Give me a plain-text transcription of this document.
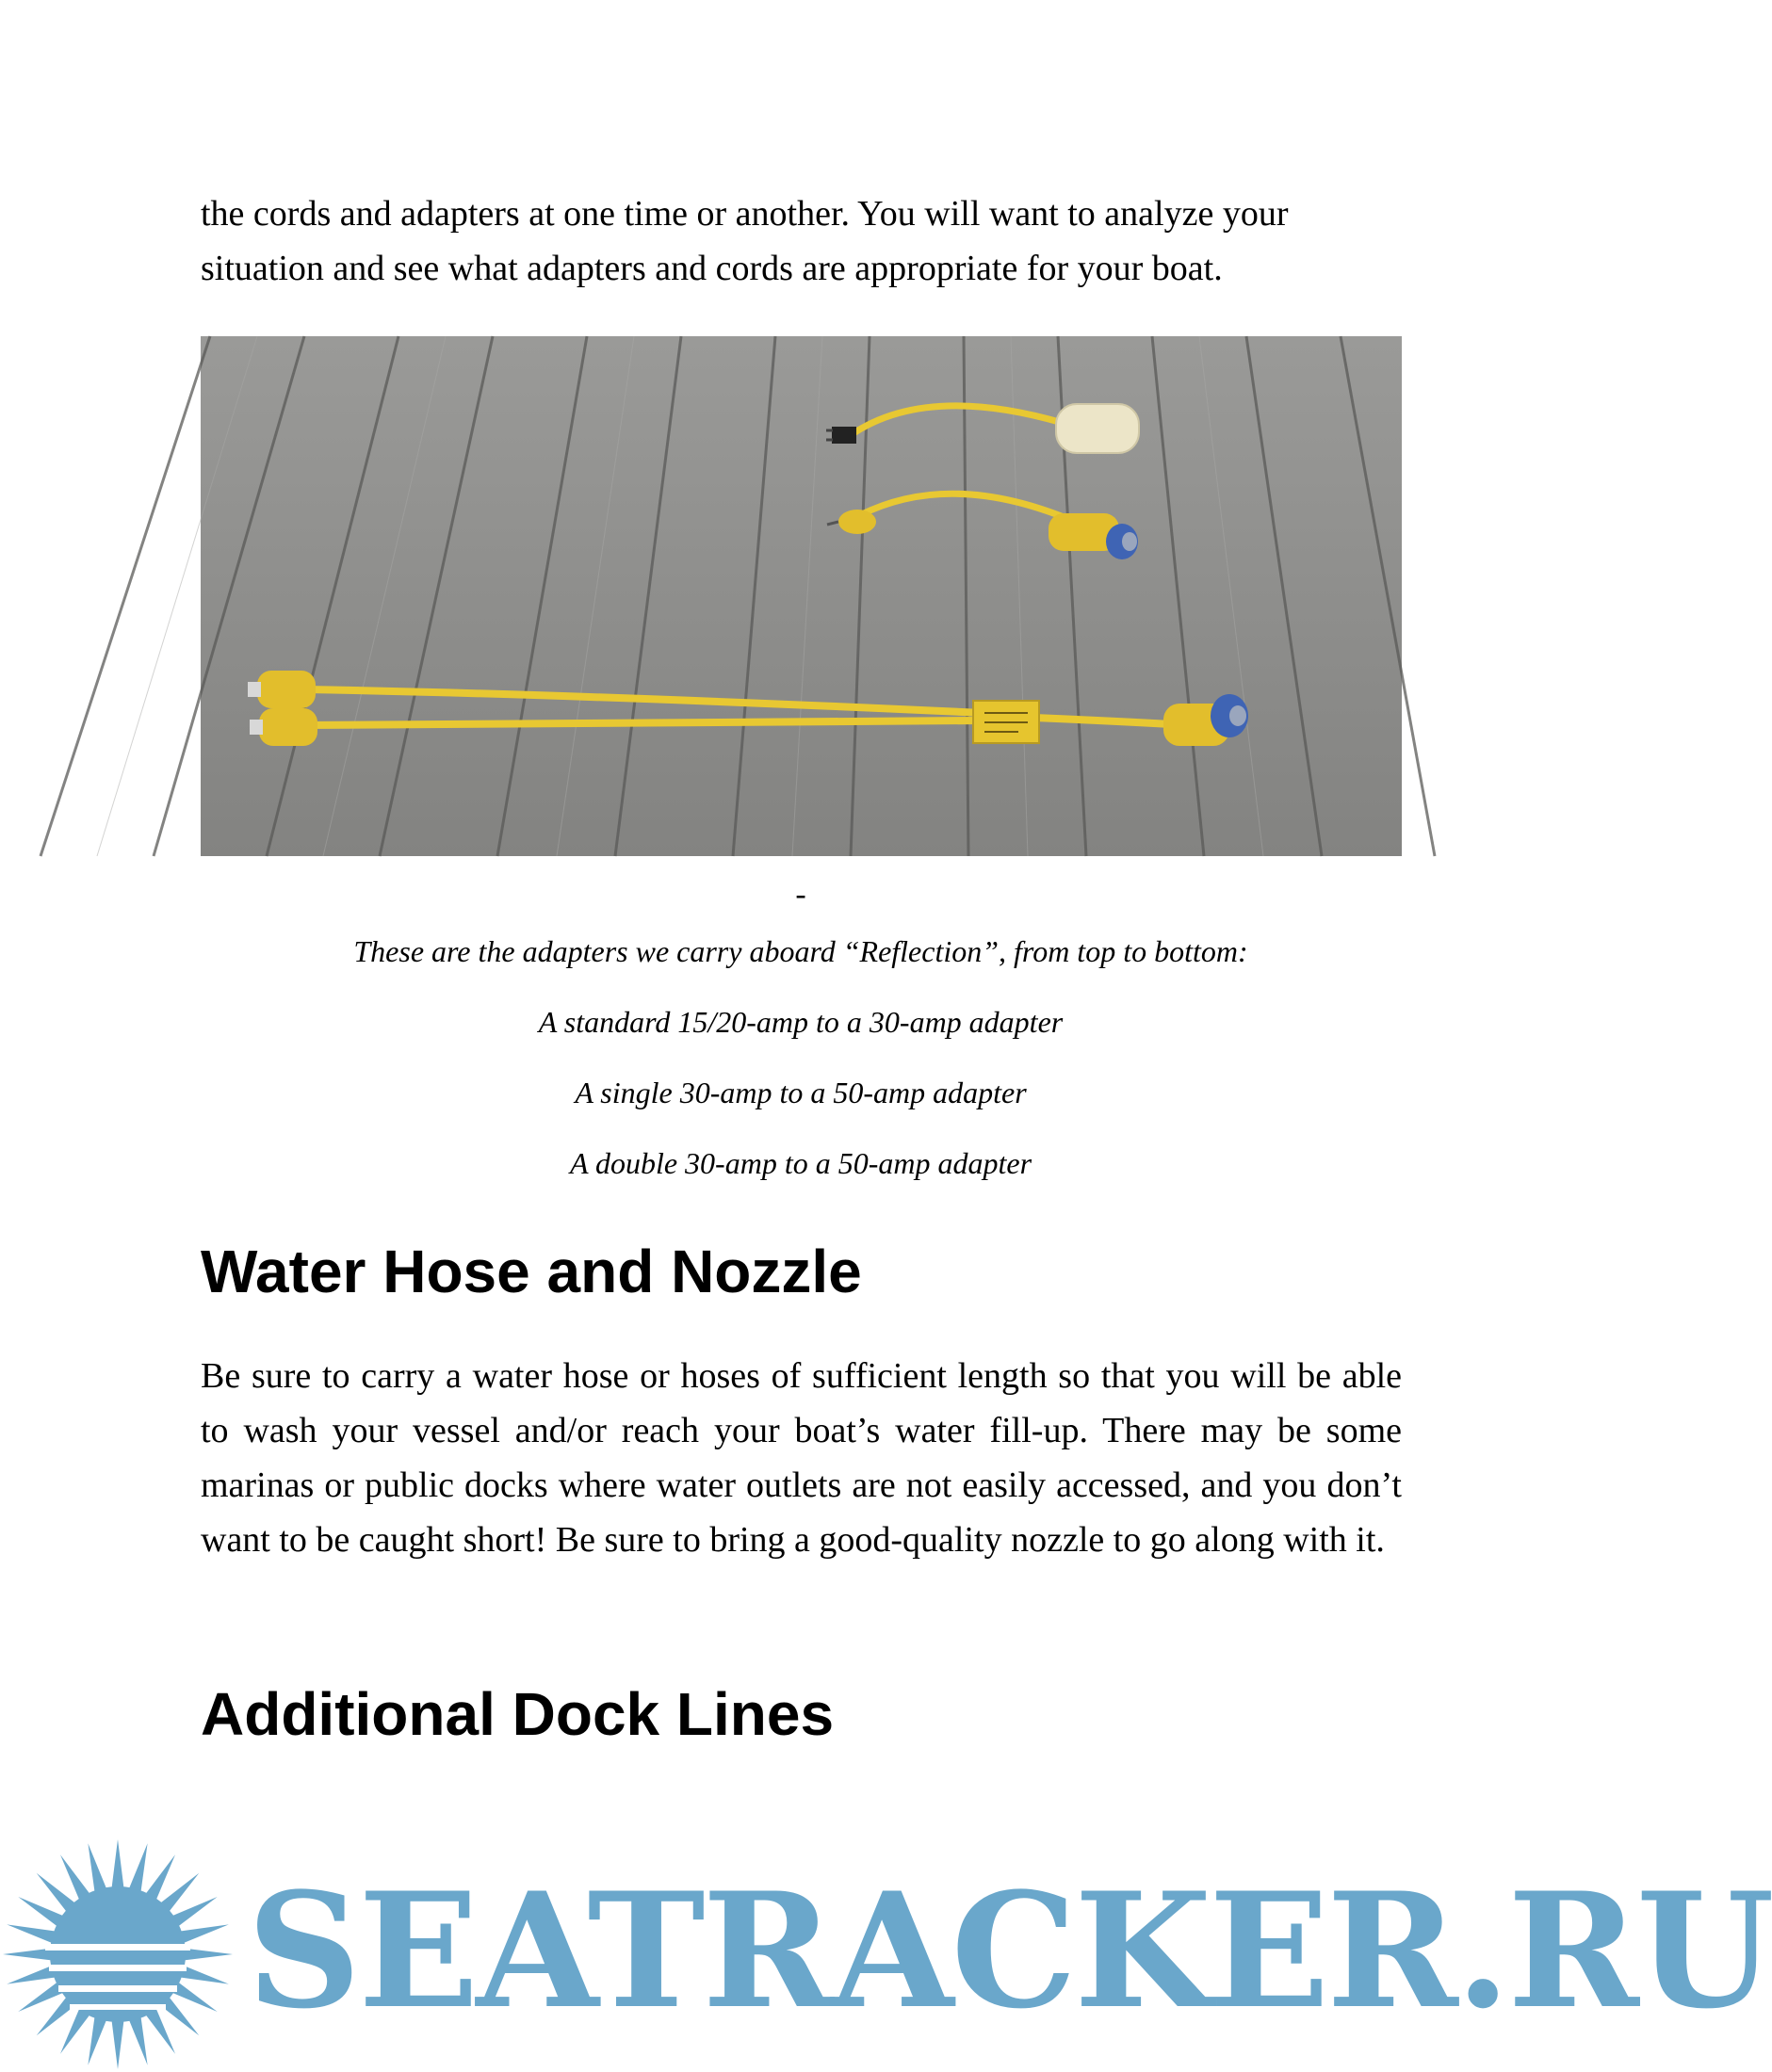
the cords and adapters at one time or another. You will want to analyze your situation and see what adapters and cords are appropriate for your boat.

-

These are the adapters we carry aboard “Reflection”, from top to bottom:

A standard 15/20-amp to a 30-amp adapter

A single 30-amp to a 50-amp adapter

A double 30-amp to a 50-amp adapter

Water Hose and Nozzle

Be sure to carry a water hose or hoses of sufficient length so that you will be able to wash your vessel and/or reach your boat’s water fill-up. There may be some marinas or public docks where water outlets are not easily accessed, and you don’t want to be caught short! Be sure to bring a good-quality nozzle to go along with it.

Additional Dock Lines
SEATRACKER.RU
